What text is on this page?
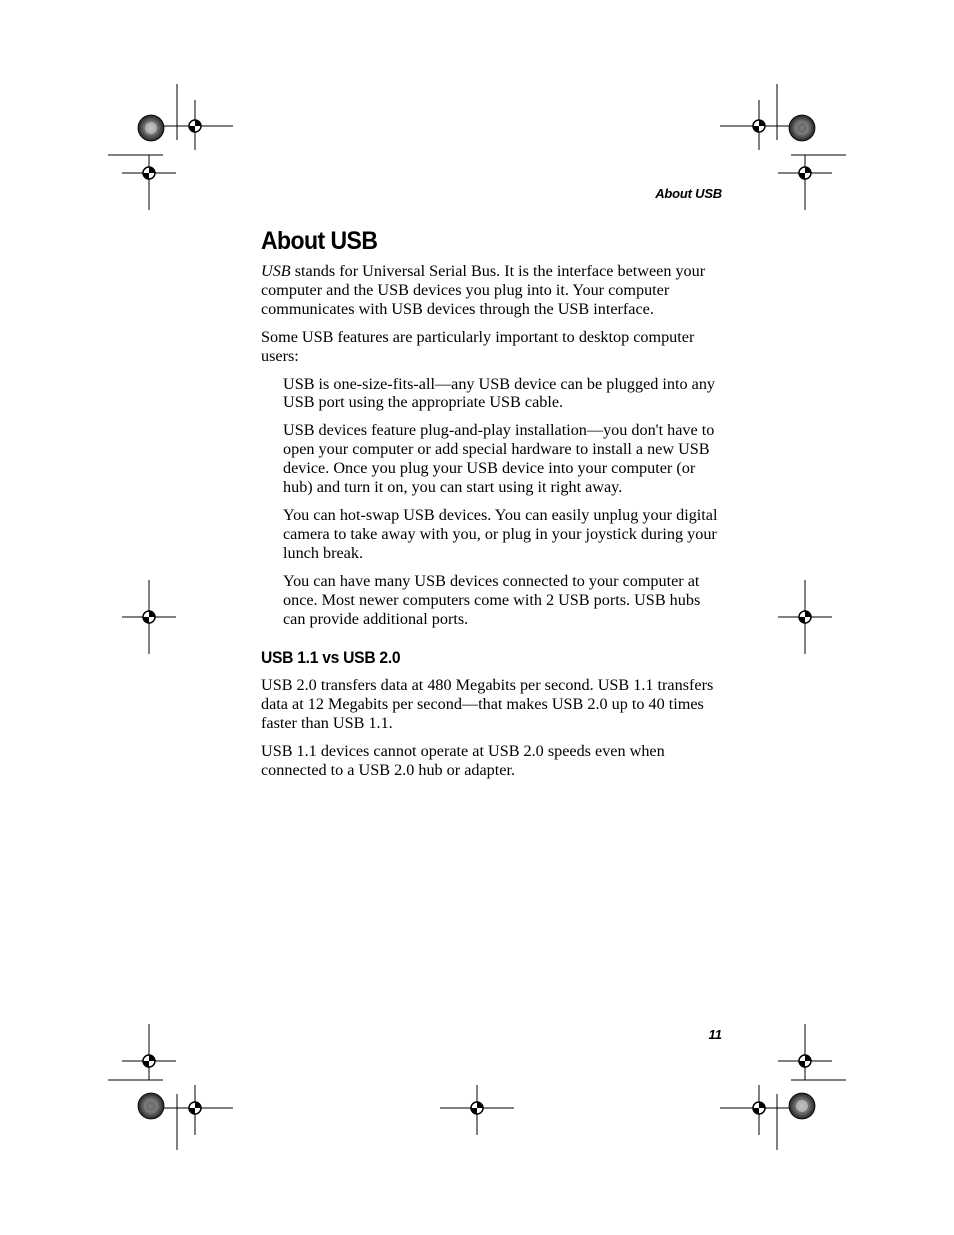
About USB
About USB

USB stands for Universal Serial Bus. It is the interface between your computer and the USB devices you plug into it. Your computer communicates with USB devices through the USB interface.

Some USB features are particularly important to desktop computer users:

USB is one-size-fits-all—any USB device can be plugged into any USB port using the appropriate USB cable.

USB devices feature plug-and-play installation—you don't have to open your computer or add special hardware to install a new USB device. Once you plug your USB device into your computer (or hub) and turn it on, you can start using it right away.

You can hot-swap USB devices. You can easily unplug your digital camera to take away with you, or plug in your joystick during your lunch break.

You can have many USB devices connected to your computer at once. Most newer computers come with 2 USB ports. USB hubs can provide additional ports.

USB 1.1 vs USB 2.0

USB 2.0 transfers data at 480 Megabits per second. USB 1.1 transfers data at 12 Megabits per second—that makes USB 2.0 up to 40 times faster than USB 1.1.

USB 1.1 devices cannot operate at USB 2.0 speeds even when connected to a USB 2.0 hub or adapter.

11
